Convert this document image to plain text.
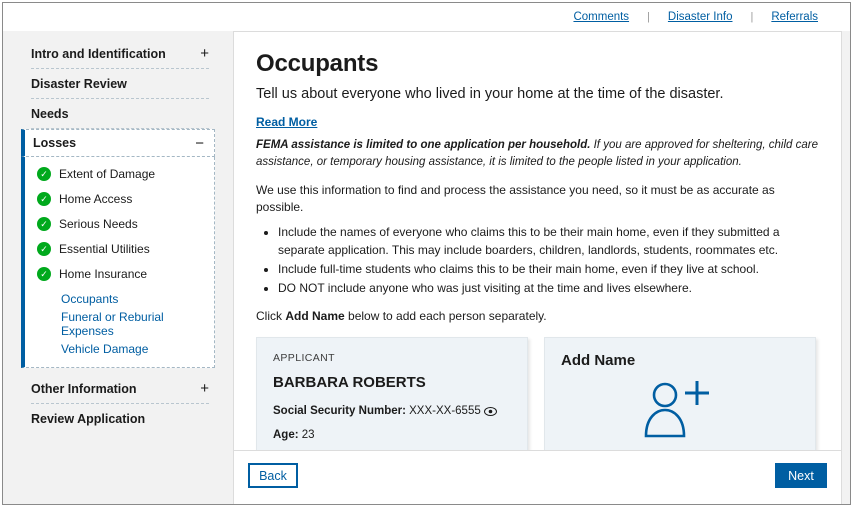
Comments	|	Disaster Info	|	Referrals
Intro and Identification +
Disaster Review
Needs
Losses	−
✓ Extent of Damage
✓ Home Access
✓ Serious Needs
✓ Essential Utilities
✓ Home Insurance
Occupants
Funeral or Reburial Expenses
Vehicle Damage
Other Information	+
Review Application
Occupants

Tell us about everyone who lived in your home at the time of the disaster.

Read More

FEMA assistance is limited to one application per household. If you are approved for sheltering, child care assistance, or temporary housing assistance, it is limited to the people listed in your application.

We use this information to find and process the assistance you need, so it must be as accurate as possible.

• Include the names of everyone who claims this to be their main home, even if they submitted a separate application. This may include boarders, children, landlords, students, roommates etc.
• Include full-time students who claims this to be their main home, even if they live at school.
• DO NOT include anyone who was just visiting at the time and lives elsewhere.

Click Add Name below to add each person separately.

APPLICANT
BARBARA ROBERTS
Social Security Number: XXX-XX-6555
Age: 23
Add Name
Back	Next
